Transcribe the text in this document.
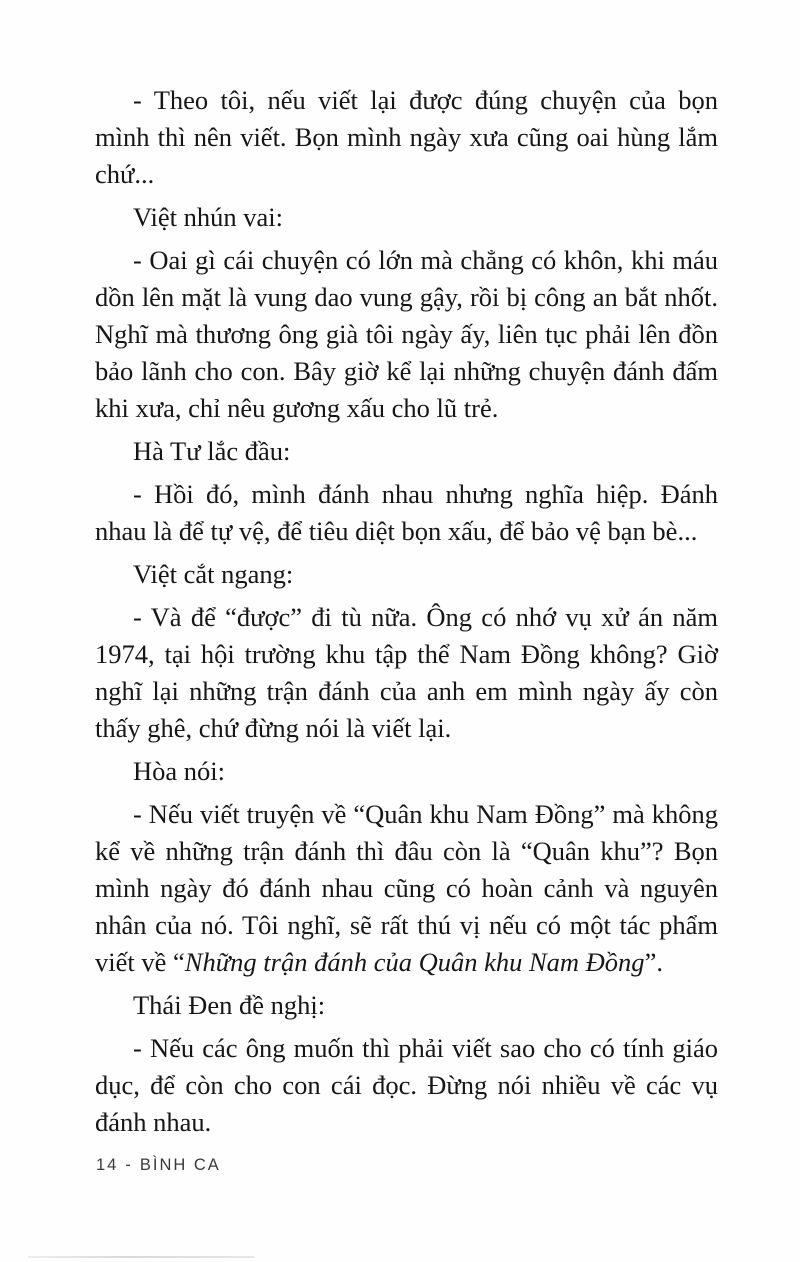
- Theo tôi, nếu viết lại được đúng chuyện của bọn mình thì nên viết. Bọn mình ngày xưa cũng oai hùng lắm chứ...

Việt nhún vai:

- Oai gì cái chuyện có lớn mà chẳng có khôn, khi máu dồn lên mặt là vung dao vung gậy, rồi bị công an bắt nhốt. Nghĩ mà thương ông già tôi ngày ấy, liên tục phải lên đồn bảo lãnh cho con. Bây giờ kể lại những chuyện đánh đấm khi xưa, chỉ nêu gương xấu cho lũ trẻ.

Hà Tư lắc đầu:

- Hồi đó, mình đánh nhau nhưng nghĩa hiệp. Đánh nhau là để tự vệ, để tiêu diệt bọn xấu, để bảo vệ bạn bè...

Việt cắt ngang:

- Và để “được” đi tù nữa. Ông có nhớ vụ xử án năm 1974, tại hội trường khu tập thể Nam Đồng không? Giờ nghĩ lại những trận đánh của anh em mình ngày ấy còn thấy ghê, chứ đừng nói là viết lại.

Hòa nói:

- Nếu viết truyện về “Quân khu Nam Đồng” mà không kể về những trận đánh thì đâu còn là “Quân khu”? Bọn mình ngày đó đánh nhau cũng có hoàn cảnh và nguyên nhân của nó. Tôi nghĩ, sẽ rất thú vị nếu có một tác phẩm viết về “Những trận đánh của Quân khu Nam Đồng”.

Thái Đen đề nghị:

- Nếu các ông muốn thì phải viết sao cho có tính giáo dục, để còn cho con cái đọc. Đừng nói nhiều về các vụ đánh nhau.

14 - BÌNH CA
